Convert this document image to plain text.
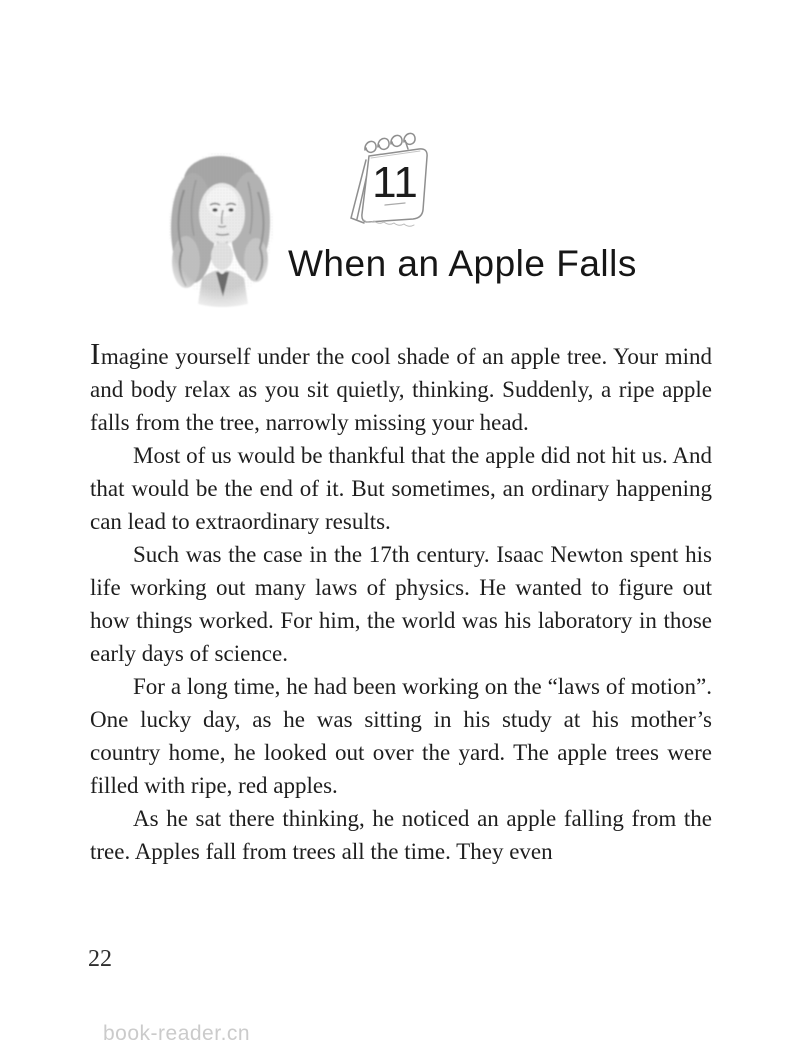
11
When an Apple Falls

Imagine yourself under the cool shade of an apple tree. Your mind and body relax as you sit quietly, thinking. Suddenly, a ripe apple falls from the tree, narrowly missing your head.

Most of us would be thankful that the apple did not hit us. And that would be the end of it. But sometimes, an ordinary happening can lead to extraordinary results.

Such was the case in the 17th century. Isaac Newton spent his life working out many laws of physics. He wanted to figure out how things worked. For him, the world was his laboratory in those early days of science.

For a long time, he had been working on the “laws of motion”. One lucky day, as he was sitting in his study at his mother’s country home, he looked out over the yard. The apple trees were filled with ripe, red apples.

As he sat there thinking, he noticed an apple falling from the tree. Apples fall from trees all the time. They even

22
book-reader.cn
